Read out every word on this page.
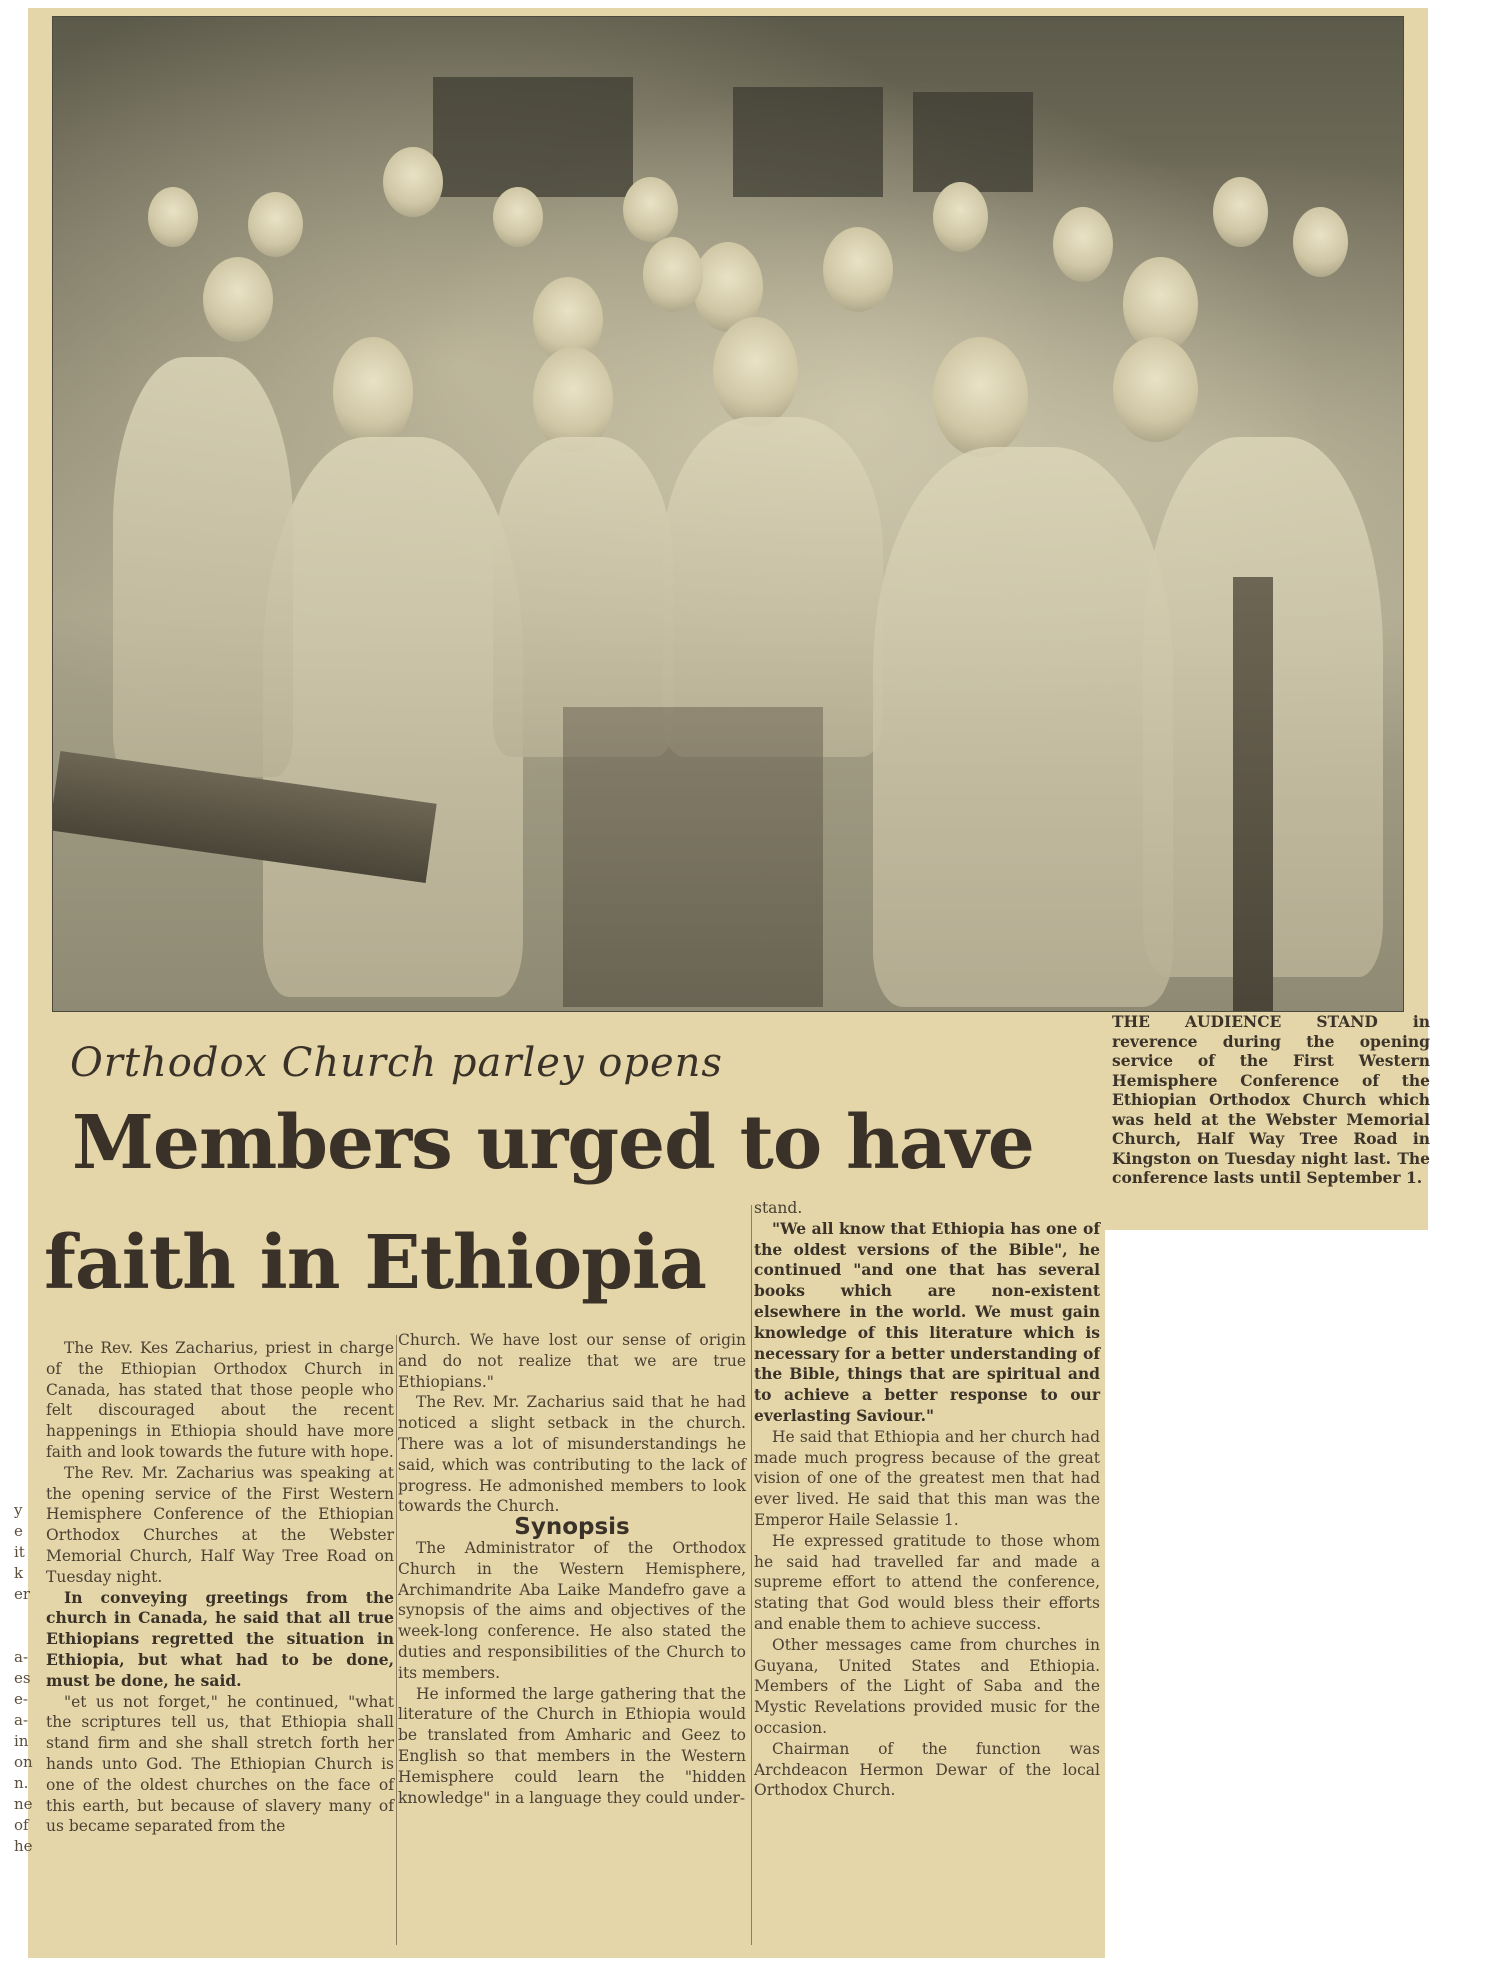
THE AUDIENCE STAND in reverence during the opening service of the First Western Hemisphere Conference of the Ethiopian Orthodox Church which was held at the Webster Memorial Church, Half Way Tree Road in Kingston on Tuesday night last. The conference lasts until September 1.
Orthodox Church parley opens
Members urged to have
faith in Ethiopia

The Rev. Kes Zacharius, priest in charge of the Ethiopian Orthodox Church in Canada, has stated that those people who felt discouraged about the recent happenings in Ethiopia should have more faith and look towards the future with hope.

The Rev. Mr. Zacharius was speaking at the opening service of the First Western Hemisphere Conference of the Ethiopian Orthodox Churches at the Webster Memorial Church, Half Way Tree Road on Tuesday night.

In conveying greetings from the church in Canada, he said that all true Ethiopians regretted the situation in Ethiopia, but what had to be done, must be done, he said.

"et us not forget," he continued, "what the scriptures tell us, that Ethiopia shall stand firm and she shall stretch forth her hands unto God. The Ethiopian Church is one of the oldest churches on the face of this earth, but because of slavery many of us became separated from the

Church. We have lost our sense of origin and do not realize that we are true Ethiopians."

The Rev. Mr. Zacharius said that he had noticed a slight setback in the church. There was a lot of misunderstandings he said, which was contributing to the lack of progress. He admonished members to look towards the Church.

Synopsis

The Administrator of the Orthodox Church in the Western Hemisphere, Archimandrite Aba Laike Mandefro gave a synopsis of the aims and objectives of the week-long conference. He also stated the duties and responsibilities of the Church to its members.

He informed the large gathering that the literature of the Church in Ethiopia would be translated from Amharic and Geez to English so that members in the Western Hemisphere could learn the "hidden knowledge" in a language they could under-

stand.

"We all know that Ethiopia has one of the oldest versions of the Bible", he continued "and one that has several books which are non-existent elsewhere in the world. We must gain knowledge of this literature which is necessary for a better understanding of the Bible, things that are spiritual and to achieve a better response to our everlasting Saviour."

He said that Ethiopia and her church had made much progress because of the great vision of one of the greatest men that had ever lived. He said that this man was the Emperor Haile Selassie 1.

He expressed gratitude to those whom he said had travelled far and made a supreme effort to attend the conference, stating that God would bless their efforts and enable them to achieve success.

Other messages came from churches in Guyana, United States and Ethiopia. Members of the Light of Saba and the Mystic Revelations provided music for the occasion.

Chairman of the function was Archdeacon Hermon Dewar of the local Orthodox Church.

y
e
it
k
er

a-
es
e-
a-
in
on
n.
ne
of
he
